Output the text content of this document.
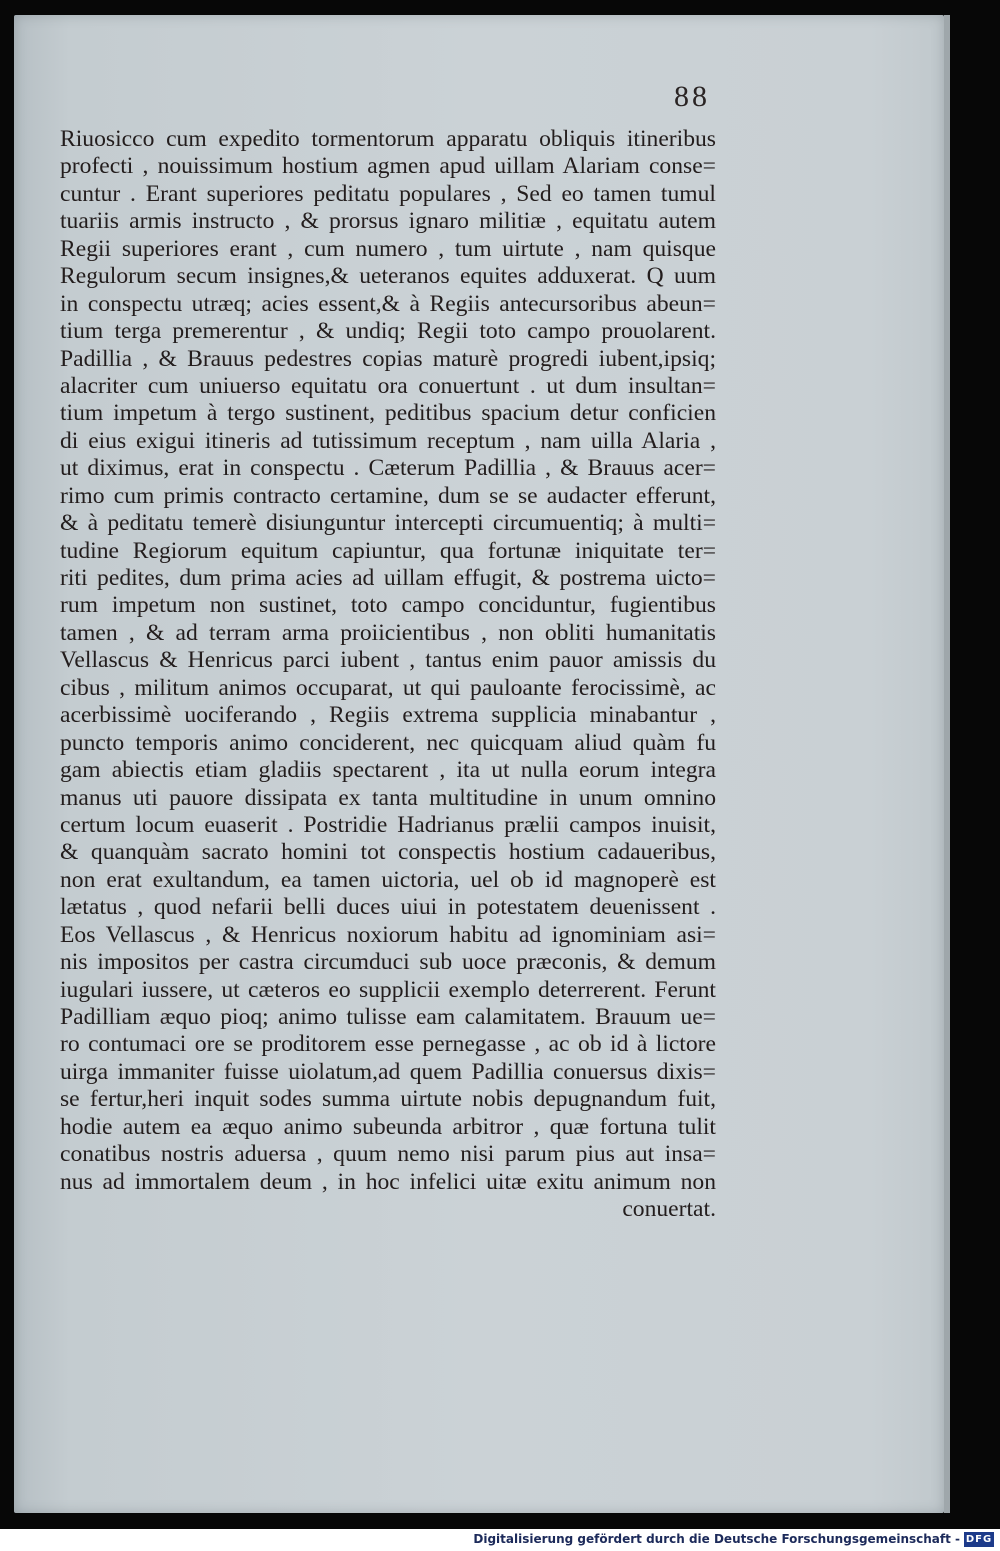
88
Riuosicco cum expedito tormentorum apparatu obliquis itineribus
profecti , nouissimum hostium agmen apud uillam Alariam conse=
cuntur . Erant superiores peditatu populares , Sed eo tamen tumul
tuariis armis instructo , & prorsus ignaro militiæ , equitatu autem
Regii superiores erant , cum numero , tum uirtute , nam quisque
Regulorum secum insignes,& ueteranos equites adduxerat. Q uum
in conspectu utræq; acies essent,& à Regiis antecursoribus abeun=
tium terga premerentur , & undiq; Regii toto campo prouolarent.
Padillia , & Brauus pedestres copias maturè progredi iubent,ipsiq;
alacriter cum uniuerso equitatu ora conuertunt . ut dum insultan=
tium impetum à tergo sustinent, peditibus spacium detur conficien
di eius exigui itineris ad tutissimum receptum , nam uilla Alaria ,
ut diximus, erat in conspectu . Cæterum Padillia , & Brauus acer=
rimo cum primis contracto certamine, dum se se audacter efferunt,
& à peditatu temerè disiunguntur intercepti circumuentiq; à multi=
tudine Regiorum equitum capiuntur, qua fortunæ iniquitate ter=
riti pedites, dum prima acies ad uillam effugit, & postrema uicto=
rum impetum non sustinet, toto campo conciduntur, fugientibus
tamen , & ad terram arma proiicientibus , non obliti humanitatis
Vellascus & Henricus parci iubent , tantus enim pauor amissis du
cibus , militum animos occuparat, ut qui pauloante ferocissimè, ac
acerbissimè uociferando , Regiis extrema supplicia minabantur ,
puncto temporis animo conciderent, nec quicquam aliud quàm fu
gam abiectis etiam gladiis spectarent , ita ut nulla eorum integra
manus uti pauore dissipata ex tanta multitudine in unum omnino
certum locum euaserit . Postridie Hadrianus prælii campos inuisit,
& quanquàm sacrato homini tot conspectis hostium cadaueribus,
non erat exultandum, ea tamen uictoria, uel ob id magnoperè est
lætatus , quod nefarii belli duces uiui in potestatem deuenissent .
Eos Vellascus , & Henricus noxiorum habitu ad ignominiam asi=
nis impositos per castra circumduci sub uoce præconis, & demum
iugulari iussere, ut cæteros eo supplicii exemplo deterrerent. Ferunt
Padilliam æquo pioq; animo tulisse eam calamitatem. Brauum ue=
ro contumaci ore se proditorem esse pernegasse , ac ob id à lictore
uirga immaniter fuisse uiolatum,ad quem Padillia conuersus dixis=
se fertur,heri inquit sodes summa uirtute nobis depugnandum fuit,
hodie autem ea æquo animo subeunda arbitror , quæ fortuna tulit
conatibus nostris aduersa , quum nemo nisi parum pius aut insa=
nus ad immortalem deum , in hoc infelici uitæ exitu animum non
conuertat.
Digitalisierung gefördert durch die Deutsche Forschungsgemeinschaft - DFG
